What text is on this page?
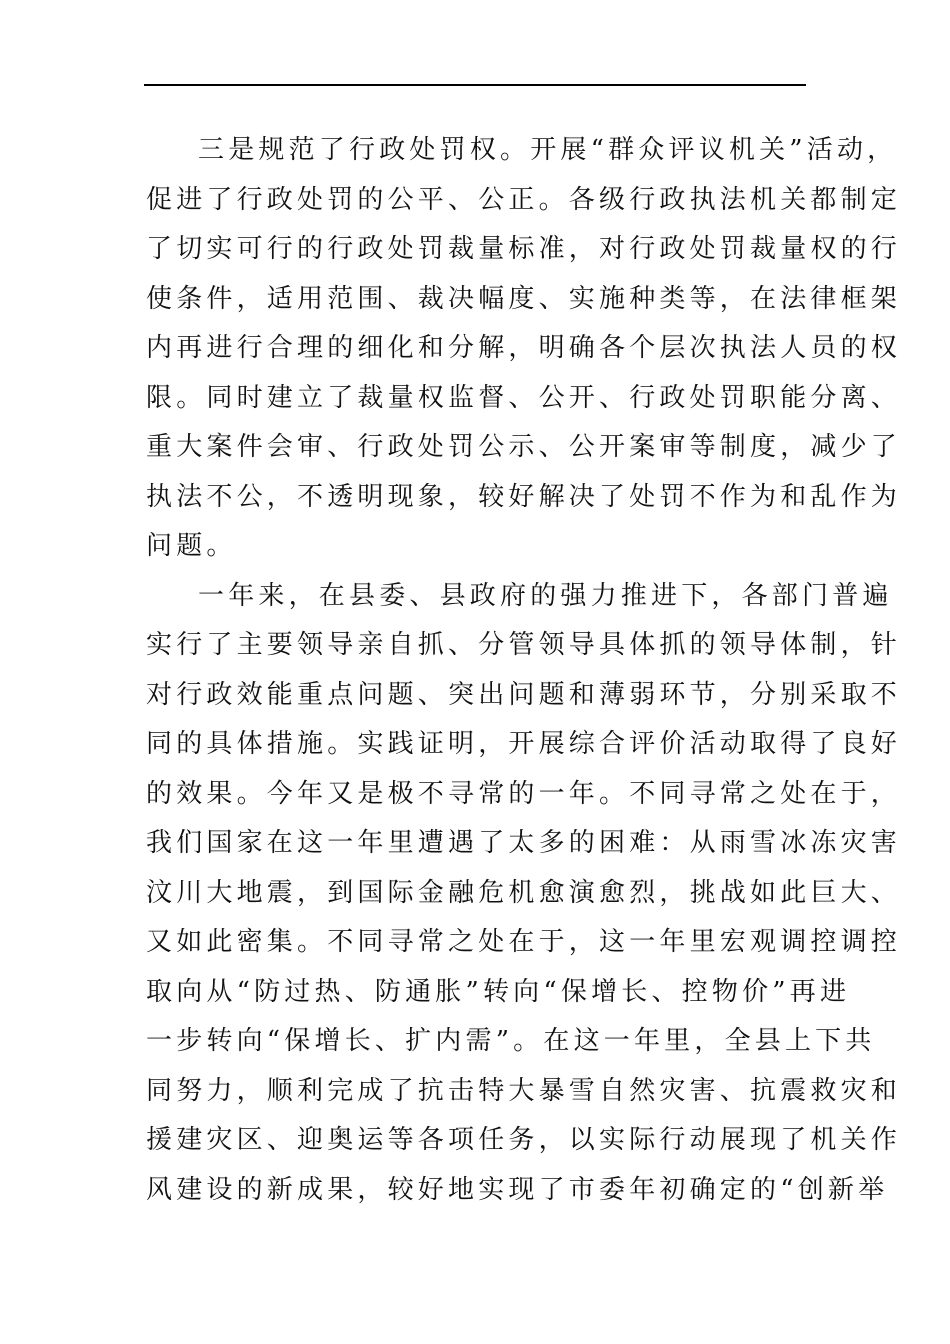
三是规范了行政处罚权。开展“群众评议机关”活动，
促进了行政处罚的公平、公正。各级行政执法机关都制定
了切实可行的行政处罚裁量标准，对行政处罚裁量权的行
使条件，适用范围、裁决幅度、实施种类等，在法律框架
内再进行合理的细化和分解，明确各个层次执法人员的权
限。同时建立了裁量权监督、公开、行政处罚职能分离、
重大案件会审、行政处罚公示、公开案审等制度，减少了
执法不公，不透明现象，较好解决了处罚不作为和乱作为
问题。
一年来，在县委、县政府的强力推进下，各部门普遍
实行了主要领导亲自抓、分管领导具体抓的领导体制，针
对行政效能重点问题、突出问题和薄弱环节，分别采取不
同的具体措施。实践证明，开展综合评价活动取得了良好
的效果。今年又是极不寻常的一年。不同寻常之处在于，
我们国家在这一年里遭遇了太多的困难：从雨雪冰冻灾害
汶川大地震，到国际金融危机愈演愈烈，挑战如此巨大、
又如此密集。不同寻常之处在于，这一年里宏观调控调控
取向从“防过热、防通胀”转向“保增长、控物价”再进
一步转向“保增长、扩内需”。在这一年里，全县上下共
同努力，顺利完成了抗击特大暴雪自然灾害、抗震救灾和
援建灾区、迎奥运等各项任务，以实际行动展现了机关作
风建设的新成果，较好地实现了市委年初确定的“创新举
